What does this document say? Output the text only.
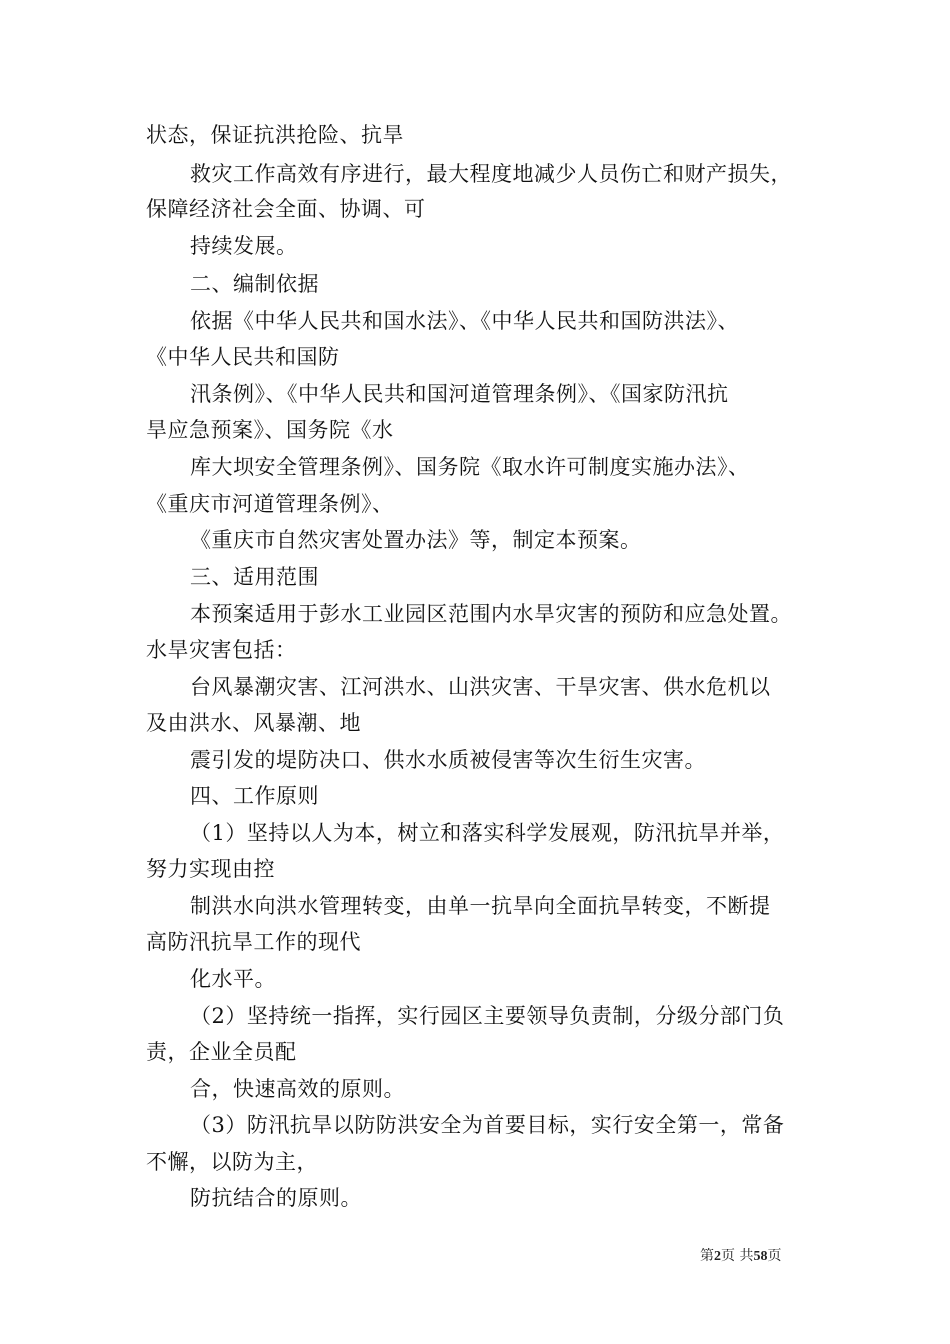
状态，保证抗洪抢险、抗旱
救灾工作高效有序进行，最大程度地减少人员伤亡和财产损失，
保障经济社会全面、协调、可
持续发展。
二、编制依据
依据《中华人民共和国水法》、《中华人民共和国防洪法》、
《中华人民共和国防
汛条例》、《中华人民共和国河道管理条例》、《国家防汛抗
旱应急预案》、国务院《水
库大坝安全管理条例》、国务院《取水许可制度实施办法》、
《重庆市河道管理条例》、
《重庆市自然灾害处置办法》等，制定本预案。
三、适用范围
本预案适用于彭水工业园区范围内水旱灾害的预防和应急处置。
水旱灾害包括：
台风暴潮灾害、江河洪水、山洪灾害、干旱灾害、供水危机以
及由洪水、风暴潮、地
震引发的堤防决口、供水水质被侵害等次生衍生灾害。
四、工作原则
（1）坚持以人为本，树立和落实科学发展观，防汛抗旱并举，
努力实现由控
制洪水向洪水管理转变，由单一抗旱向全面抗旱转变，不断提
高防汛抗旱工作的现代
化水平。
（2）坚持统一指挥，实行园区主要领导负责制，分级分部门负
责，企业全员配
合，快速高效的原则。
（3）防汛抗旱以防防洪安全为首要目标，实行安全第一，常备
不懈，以防为主，
防抗结合的原则。
第2页 共58页
